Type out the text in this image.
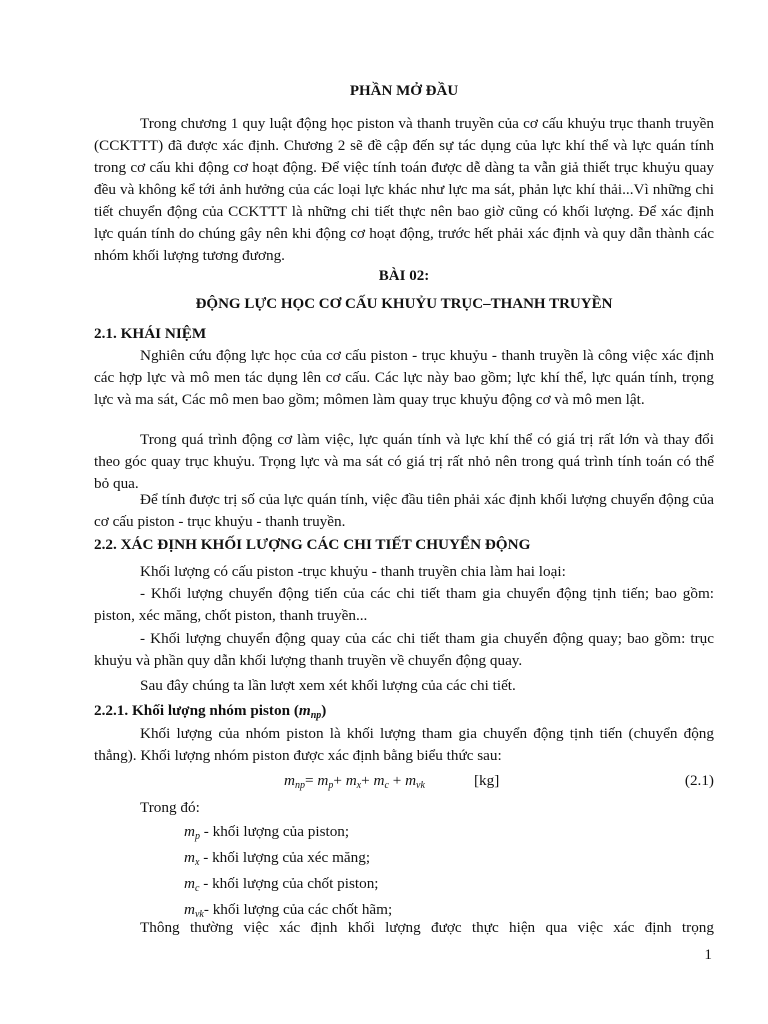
PHẦN MỞ ĐẦU

Trong chương 1 quy luật động học piston và thanh truyền của cơ cấu khuỷu trục thanh truyền (CCKTTT) đã được xác định. Chương 2 sẽ đề cập đến sự tác dụng của lực khí thể và lực quán tính trong cơ cấu khi động cơ hoạt động. Để việc tính toán được dễ dàng ta vẫn giả thiết trục khuỷu quay đều và không kể tới ảnh hưởng của các loại lực khác như lực ma sát, phản lực khí thải...Vì những chi tiết chuyển động của CCKTTT là những chi tiết thực nên bao giờ cũng có khối lượng. Để xác định lực quán tính do chúng gây nên khi động cơ hoạt động, trước hết phải xác định và quy dẫn thành các nhóm khối lượng tương đương.

BÀI 02:

ĐỘNG LỰC HỌC CƠ CẤU KHUỶU TRỤC–THANH TRUYỀN

2.1. KHÁI NIỆM

Nghiên cứu động lực học của cơ cấu piston - trục khuỷu - thanh truyền là công việc xác định các hợp lực và mô men tác dụng lên cơ cấu. Các lực này bao gồm; lực khí thể, lực quán tính, trọng lực và ma sát, Các mô men bao gồm; mômen làm quay trục khuỷu động cơ và mô men lật.

Trong quá trình động cơ làm việc, lực quán tính và lực khí thể có giá trị rất lớn và thay đổi theo góc quay trục khuỷu. Trọng lực và ma sát có giá trị rất nhỏ nên trong quá trình tính toán có thể bỏ qua.

Để tính được trị số của lực quán tính, việc đầu tiên phải xác định khối lượng chuyển động của cơ cấu piston - trục khuỷu - thanh truyền.

2.2. XÁC ĐỊNH KHỐI LƯỢNG CÁC CHI TIẾT CHUYỂN ĐỘNG

Khối lượng có cấu piston -trục khuỷu - thanh truyền chia làm hai loại:

- Khối lượng chuyển động tiến của các chi tiết tham gia chuyển động tịnh tiến; bao gồm: piston, xéc măng, chốt piston, thanh truyền...

- Khối lượng chuyển động quay của các chi tiết tham gia chuyển động quay; bao gồm: trục khuỷu và phần quy dẫn khối lượng thanh truyền về chuyển động quay.

Sau đây chúng ta lần lượt xem xét khối lượng của các chi tiết.

2.2.1. Khối lượng nhóm piston $(m_{np})$

Khối lượng của nhóm piston là khối lượng tham gia chuyển động tịnh tiến (chuyển động thẳng). Khối lượng nhóm piston được xác định bằng biểu thức sau:

$m_{np}= m_p+ m_x+ m_c + m_{vk}$	[kg]	(2.1)

Trong đó:

$m_p$ - khối lượng của piston;
$m_x$ - khối lượng của xéc măng;
$m_c$ - khối lượng của chốt piston;
$m_{vk}-$ khối lượng của các chốt hãm;

Thông thường việc xác định khối lượng được thực hiện qua việc xác định trọng

1
